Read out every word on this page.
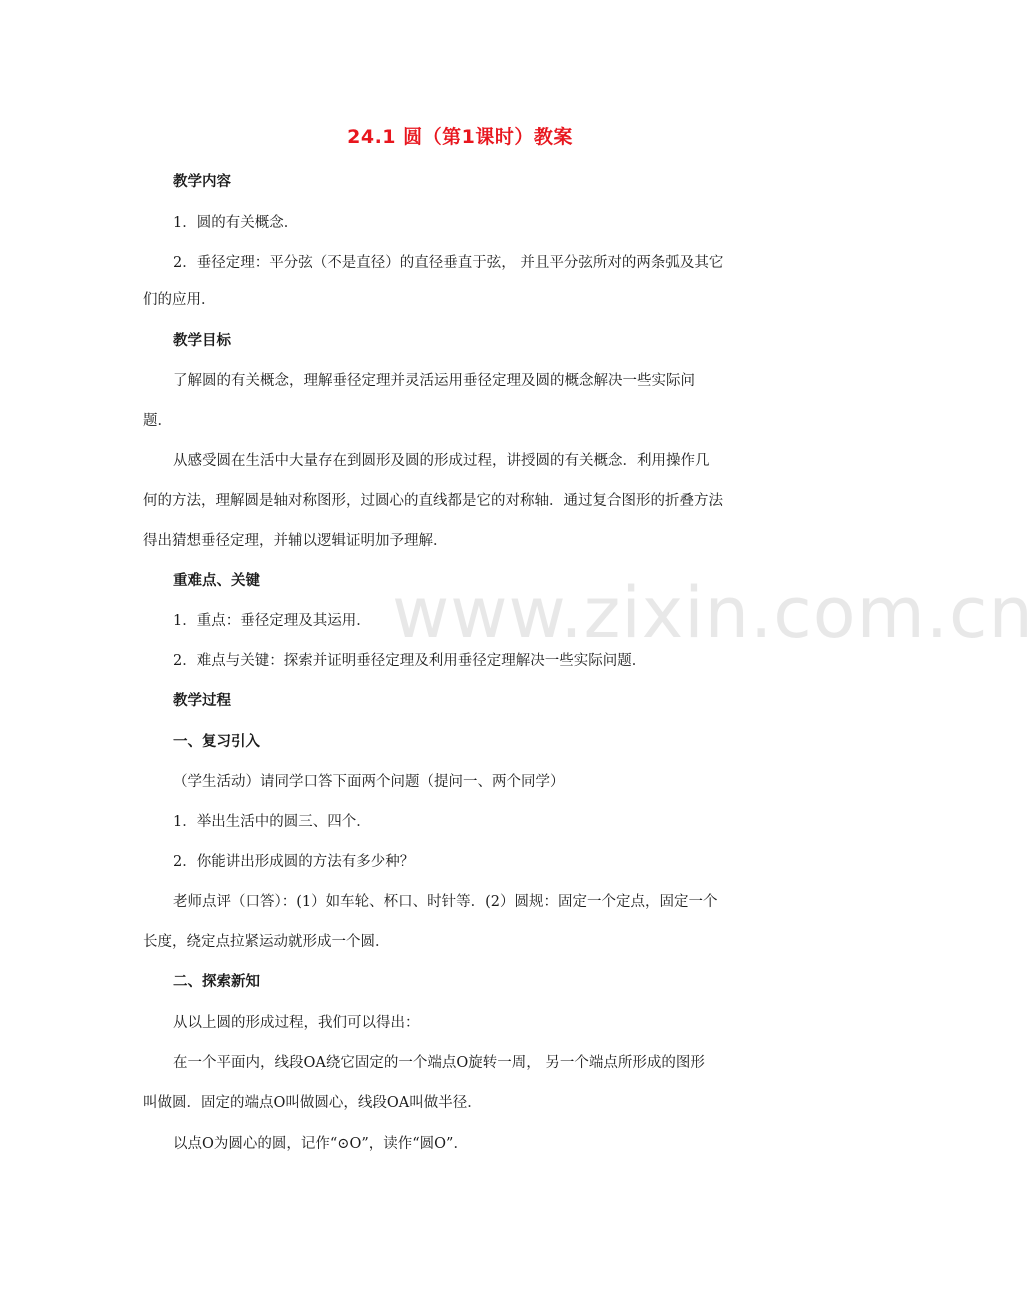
24.1 圆（第1课时）教案
教学内容
1．圆的有关概念．
2．垂径定理：平分弦（不是直径）的直径垂直于弦， 并且平分弦所对的两条弧及其它
们的应用．
教学目标
了解圆的有关概念，理解垂径定理并灵活运用垂径定理及圆的概念解决一些实际问
题．
从感受圆在生活中大量存在到圆形及圆的形成过程，讲授圆的有关概念．利用操作几
何的方法，理解圆是轴对称图形，过圆心的直线都是它的对称轴．通过复合图形的折叠方法
得出猜想垂径定理，并辅以逻辑证明加予理解．
重难点、关键
1．重点：垂径定理及其运用．
2．难点与关键：探索并证明垂径定理及利用垂径定理解决一些实际问题．
教学过程
一、复习引入
（学生活动）请同学口答下面两个问题（提问一、两个同学）
1．举出生活中的圆三、四个．
2．你能讲出形成圆的方法有多少种？
老师点评（口答）：(1）如车轮、杯口、时针等．(2）圆规：固定一个定点，固定一个
长度，绕定点拉紧运动就形成一个圆．
二、探索新知
从以上圆的形成过程，我们可以得出：
在一个平面内，线段OA绕它固定的一个端点O旋转一周， 另一个端点所形成的图形
叫做圆．固定的端点O叫做圆心，线段OA叫做半径．
以点O为圆心的圆，记作“⊙O”，读作“圆O”．
www.zixin.com.cn
